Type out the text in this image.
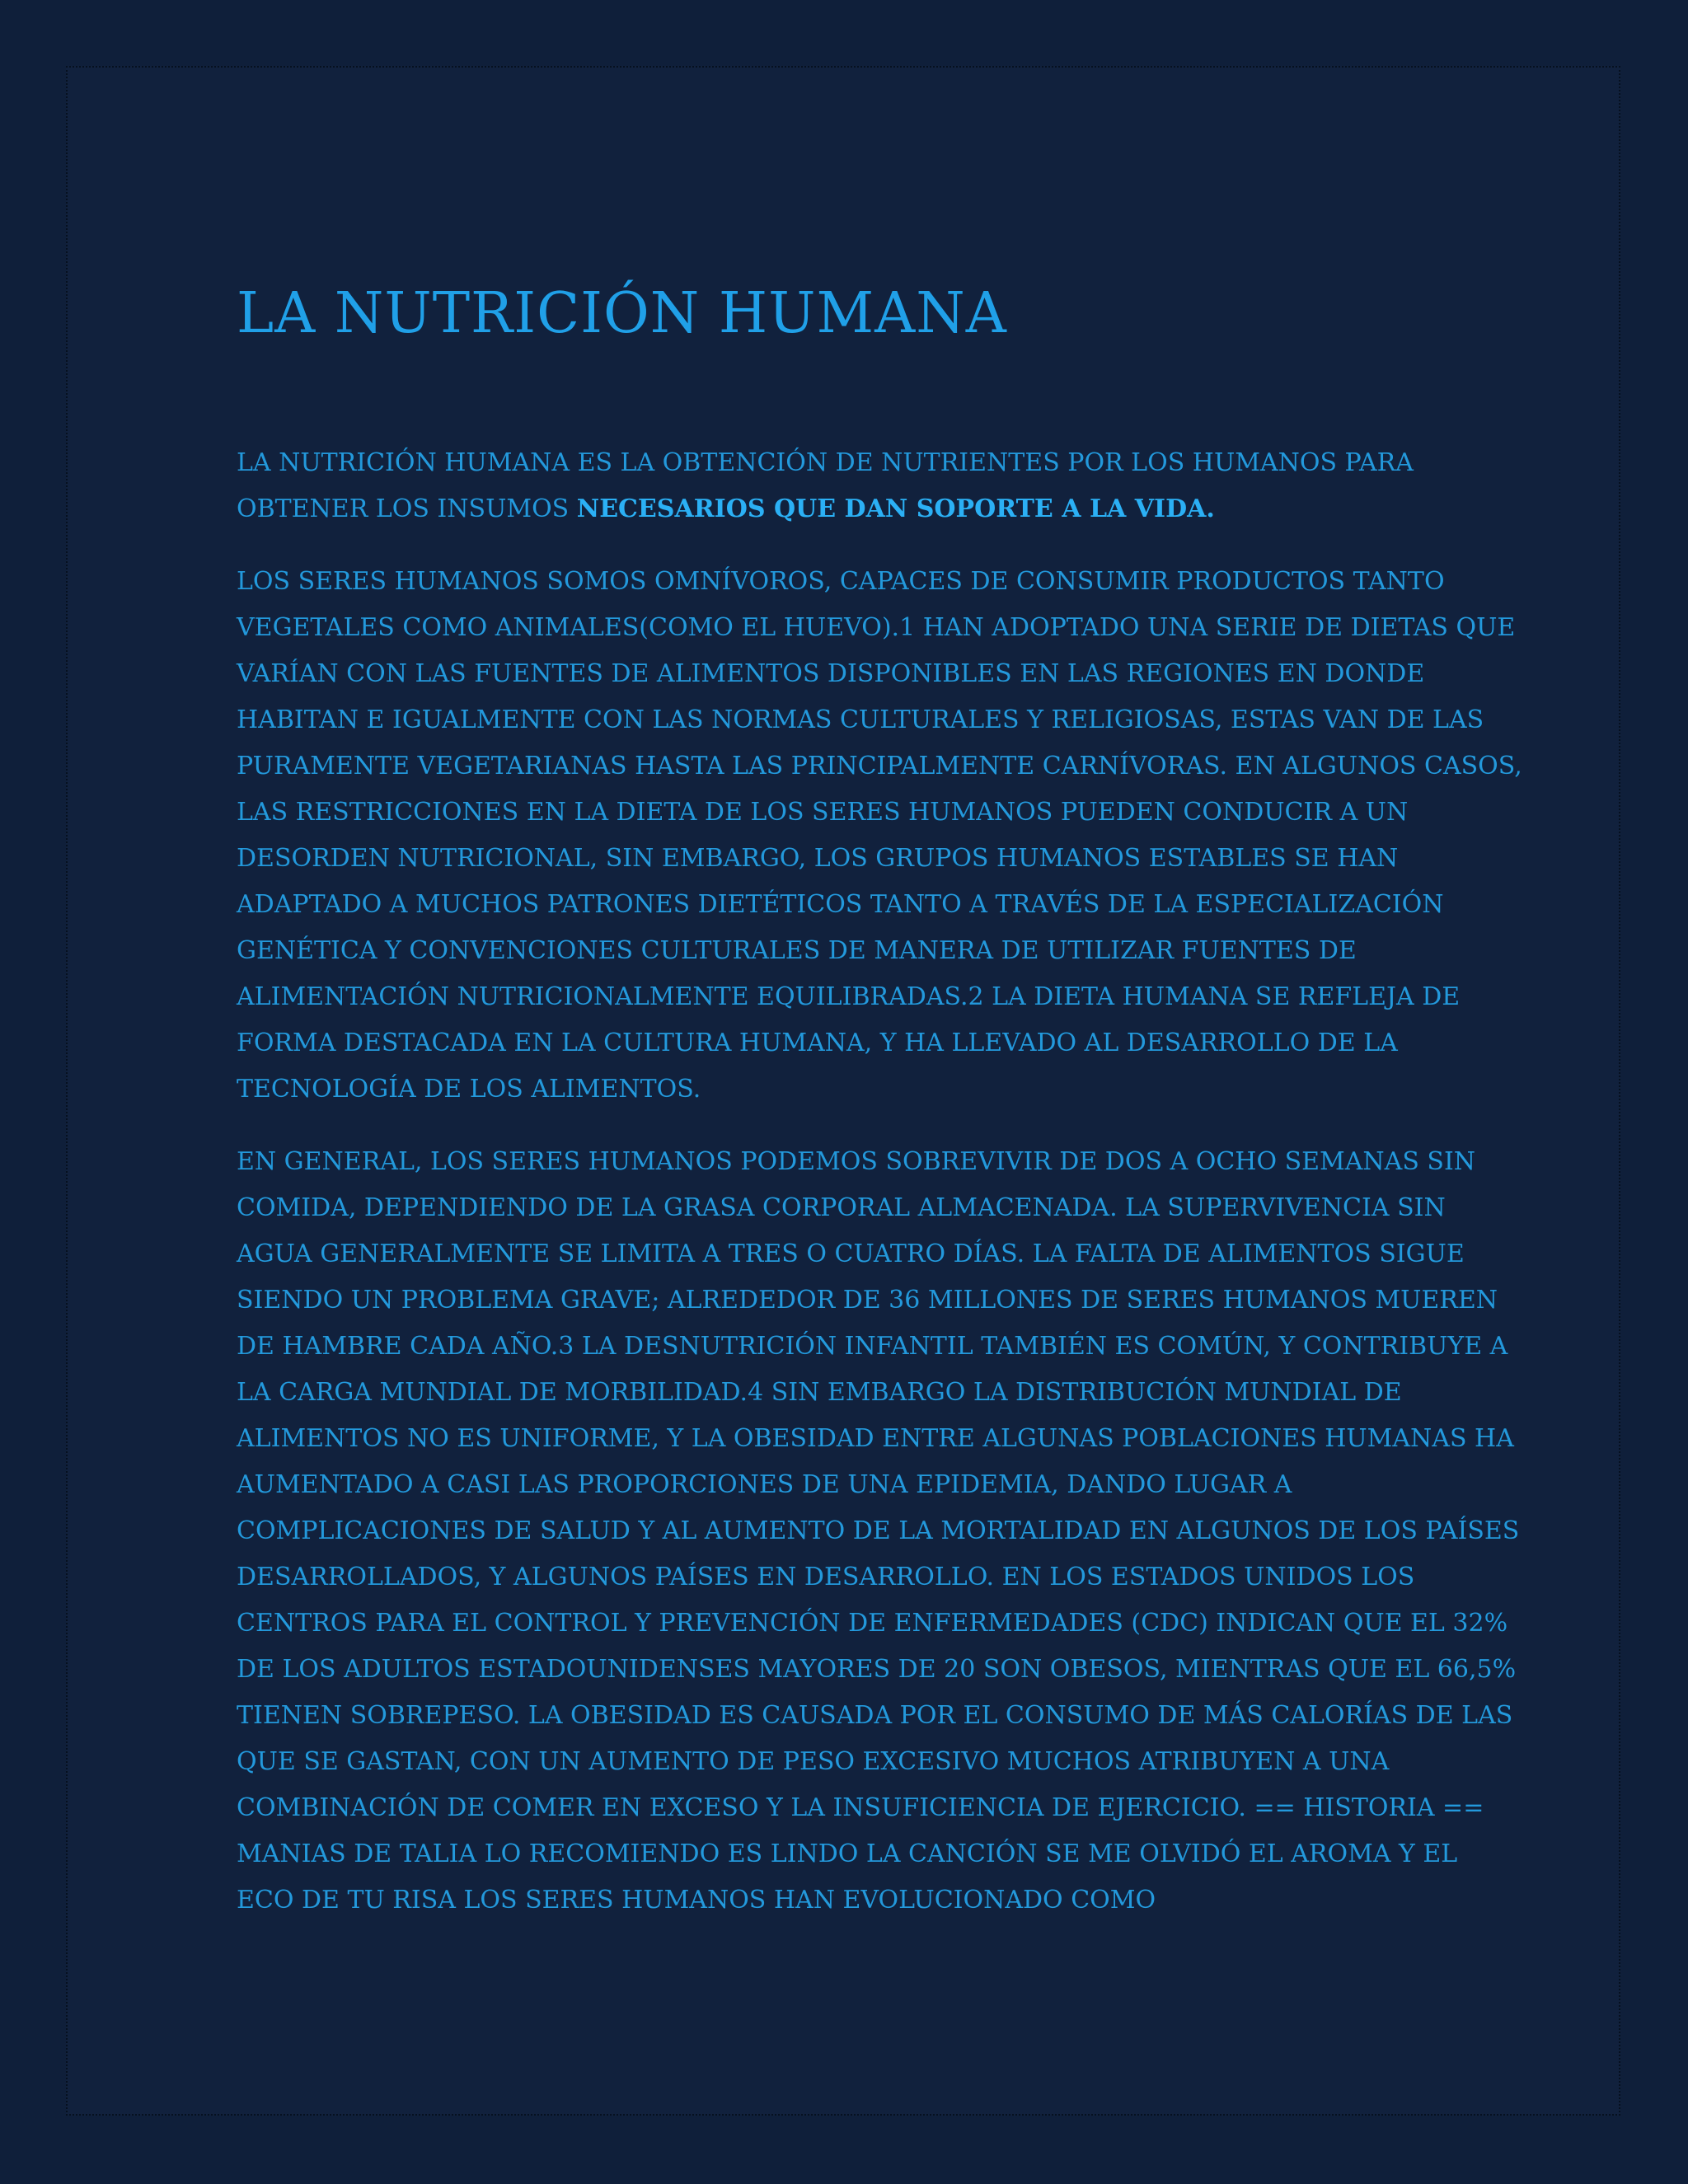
LA NUTRICIÓN HUMANA

LA NUTRICIÓN HUMANA ES LA OBTENCIÓN DE NUTRIENTES POR LOS HUMANOS PARA OBTENER LOS INSUMOS NECESARIOS QUE DAN SOPORTE A LA VIDA.

LOS SERES HUMANOS SOMOS OMNÍVOROS, CAPACES DE CONSUMIR PRODUCTOS TANTO VEGETALES COMO ANIMALES(COMO EL HUEVO).1 HAN ADOPTADO UNA SERIE DE DIETAS QUE VARÍAN CON LAS FUENTES DE ALIMENTOS DISPONIBLES EN LAS REGIONES EN DONDE HABITAN E IGUALMENTE CON LAS NORMAS CULTURALES Y RELIGIOSAS, ESTAS VAN DE LAS PURAMENTE VEGETARIANAS HASTA LAS PRINCIPALMENTE CARNÍVORAS. EN ALGUNOS CASOS, LAS RESTRICCIONES EN LA DIETA DE LOS SERES HUMANOS PUEDEN CONDUCIR A UN DESORDEN NUTRICIONAL, SIN EMBARGO, LOS GRUPOS HUMANOS ESTABLES SE HAN ADAPTADO A MUCHOS PATRONES DIETÉTICOS TANTO A TRAVÉS DE LA ESPECIALIZACIÓN GENÉTICA Y CONVENCIONES CULTURALES DE MANERA DE UTILIZAR FUENTES DE ALIMENTACIÓN NUTRICIONALMENTE EQUILIBRADAS.2 LA DIETA HUMANA SE REFLEJA DE FORMA DESTACADA EN LA CULTURA HUMANA, Y HA LLEVADO AL DESARROLLO DE LA TECNOLOGÍA DE LOS ALIMENTOS.

EN GENERAL, LOS SERES HUMANOS PODEMOS SOBREVIVIR DE DOS A OCHO SEMANAS SIN COMIDA, DEPENDIENDO DE LA GRASA CORPORAL ALMACENADA. LA SUPERVIVENCIA SIN AGUA GENERALMENTE SE LIMITA A TRES O CUATRO DÍAS. LA FALTA DE ALIMENTOS SIGUE SIENDO UN PROBLEMA GRAVE; ALREDEDOR DE 36 MILLONES DE SERES HUMANOS MUEREN DE HAMBRE CADA AÑO.3 LA DESNUTRICIÓN INFANTIL TAMBIÉN ES COMÚN, Y CONTRIBUYE A LA CARGA MUNDIAL DE MORBILIDAD.4 SIN EMBARGO LA DISTRIBUCIÓN MUNDIAL DE ALIMENTOS NO ES UNIFORME, Y LA OBESIDAD ENTRE ALGUNAS POBLACIONES HUMANAS HA AUMENTADO A CASI LAS PROPORCIONES DE UNA EPIDEMIA, DANDO LUGAR A COMPLICACIONES DE SALUD Y AL AUMENTO DE LA MORTALIDAD EN ALGUNOS DE LOS PAÍSES DESARROLLADOS, Y ALGUNOS PAÍSES EN DESARROLLO. EN LOS ESTADOS UNIDOS LOS CENTROS PARA EL CONTROL Y PREVENCIÓN DE ENFERMEDADES (CDC) INDICAN QUE EL 32% DE LOS ADULTOS ESTADOUNIDENSES MAYORES DE 20 SON OBESOS, MIENTRAS QUE EL 66,5% TIENEN SOBREPESO. LA OBESIDAD ES CAUSADA POR EL CONSUMO DE MÁS CALORÍAS DE LAS QUE SE GASTAN, CON UN AUMENTO DE PESO EXCESIVO MUCHOS ATRIBUYEN A UNA COMBINACIÓN DE COMER EN EXCESO Y LA INSUFICIENCIA DE EJERCICIO. == HISTORIA == MANIAS DE TALIA LO RECOMIENDO ES LINDO LA CANCIÓN SE ME OLVIDÓ EL AROMA Y EL ECO DE TU RISA LOS SERES HUMANOS HAN EVOLUCIONADO COMO
